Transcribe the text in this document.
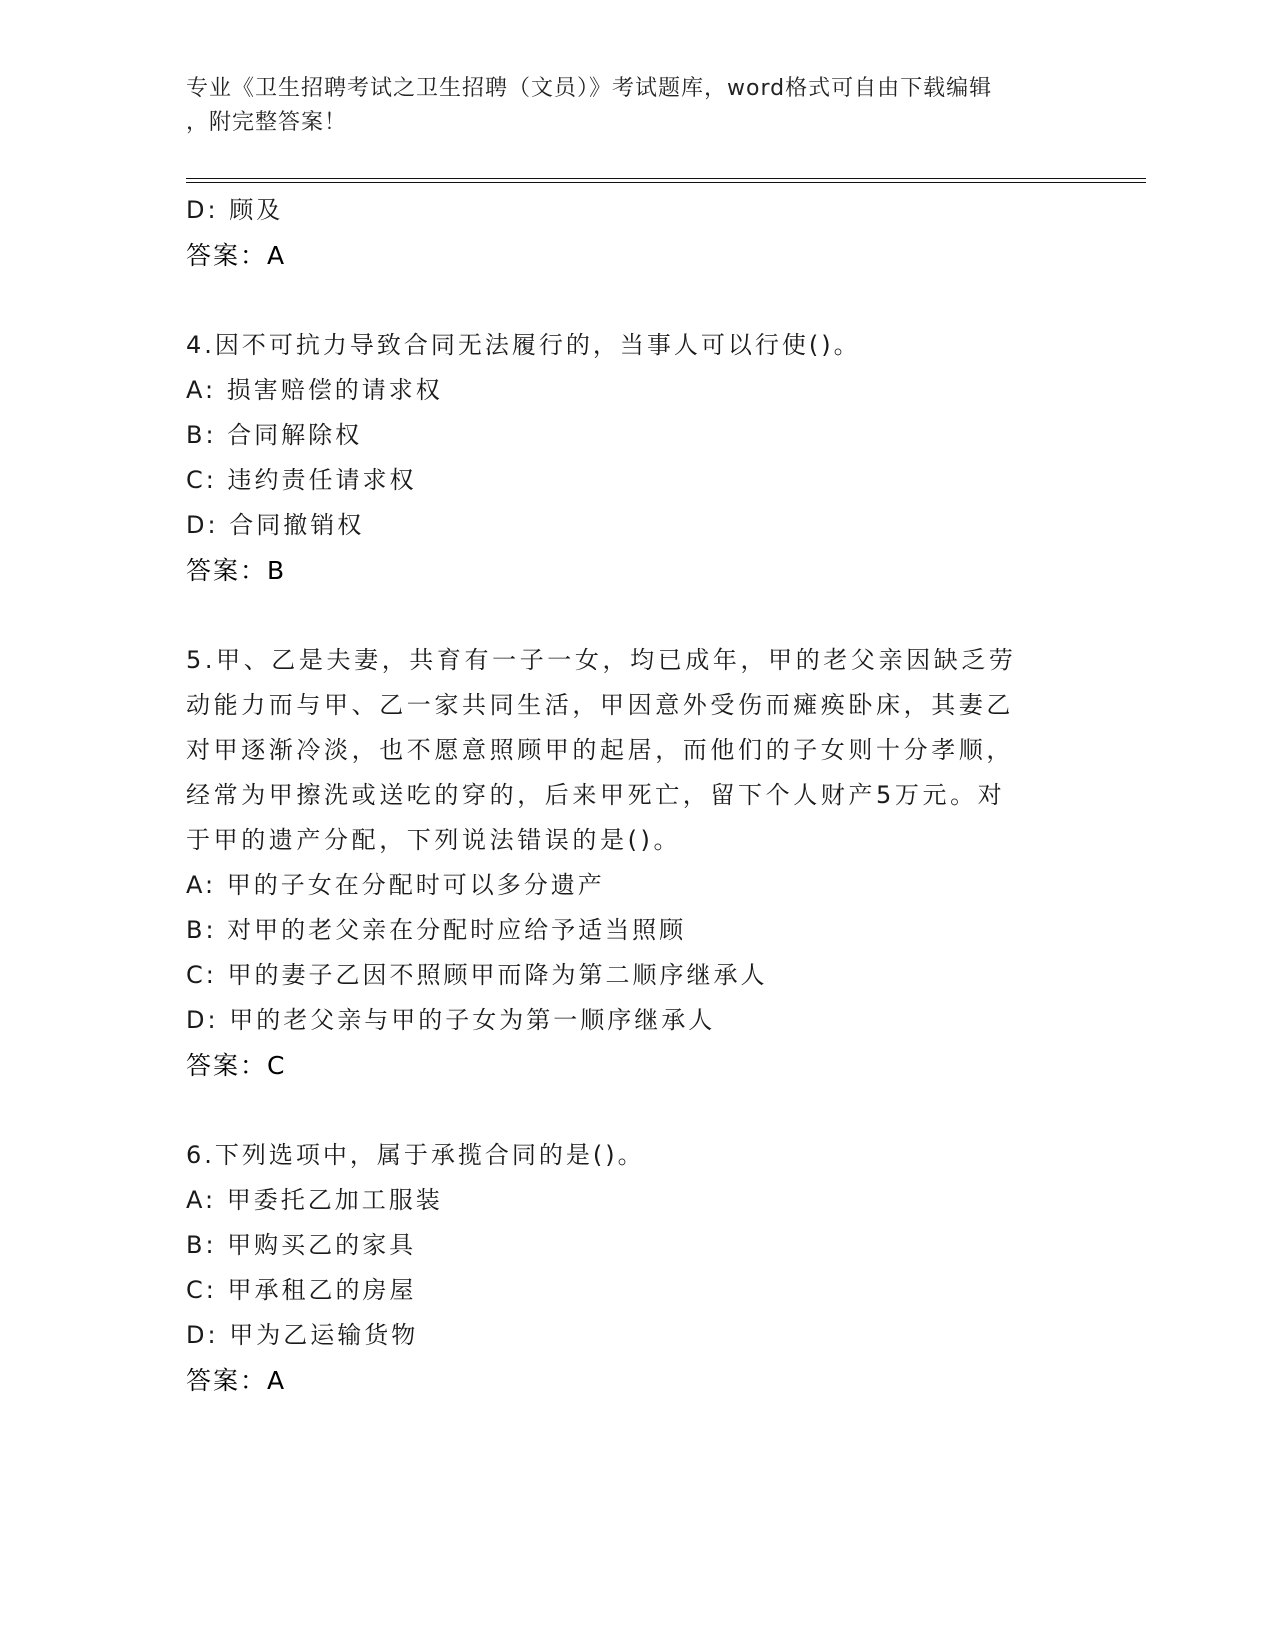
专业《卫生招聘考试之卫生招聘（文员）》考试题库，word格式可自由下载编辑
，附完整答案！
D: 顾及
答案：A
4.因不可抗力导致合同无法履行的，当事人可以行使()。
A: 损害赔偿的请求权
B: 合同解除权
C: 违约责任请求权
D: 合同撤销权
答案：B
5.甲、乙是夫妻，共育有一子一女，均已成年，甲的老父亲因缺乏劳
动能力而与甲、乙一家共同生活，甲因意外受伤而瘫痪卧床，其妻乙
对甲逐渐冷淡，也不愿意照顾甲的起居，而他们的子女则十分孝顺，
经常为甲擦洗或送吃的穿的，后来甲死亡，留下个人财产5万元。对
于甲的遗产分配，下列说法错误的是()。
A: 甲的子女在分配时可以多分遗产
B: 对甲的老父亲在分配时应给予适当照顾
C: 甲的妻子乙因不照顾甲而降为第二顺序继承人
D: 甲的老父亲与甲的子女为第一顺序继承人
答案：C
6.下列选项中，属于承揽合同的是()。
A: 甲委托乙加工服装
B: 甲购买乙的家具
C: 甲承租乙的房屋
D: 甲为乙运输货物
答案：A
